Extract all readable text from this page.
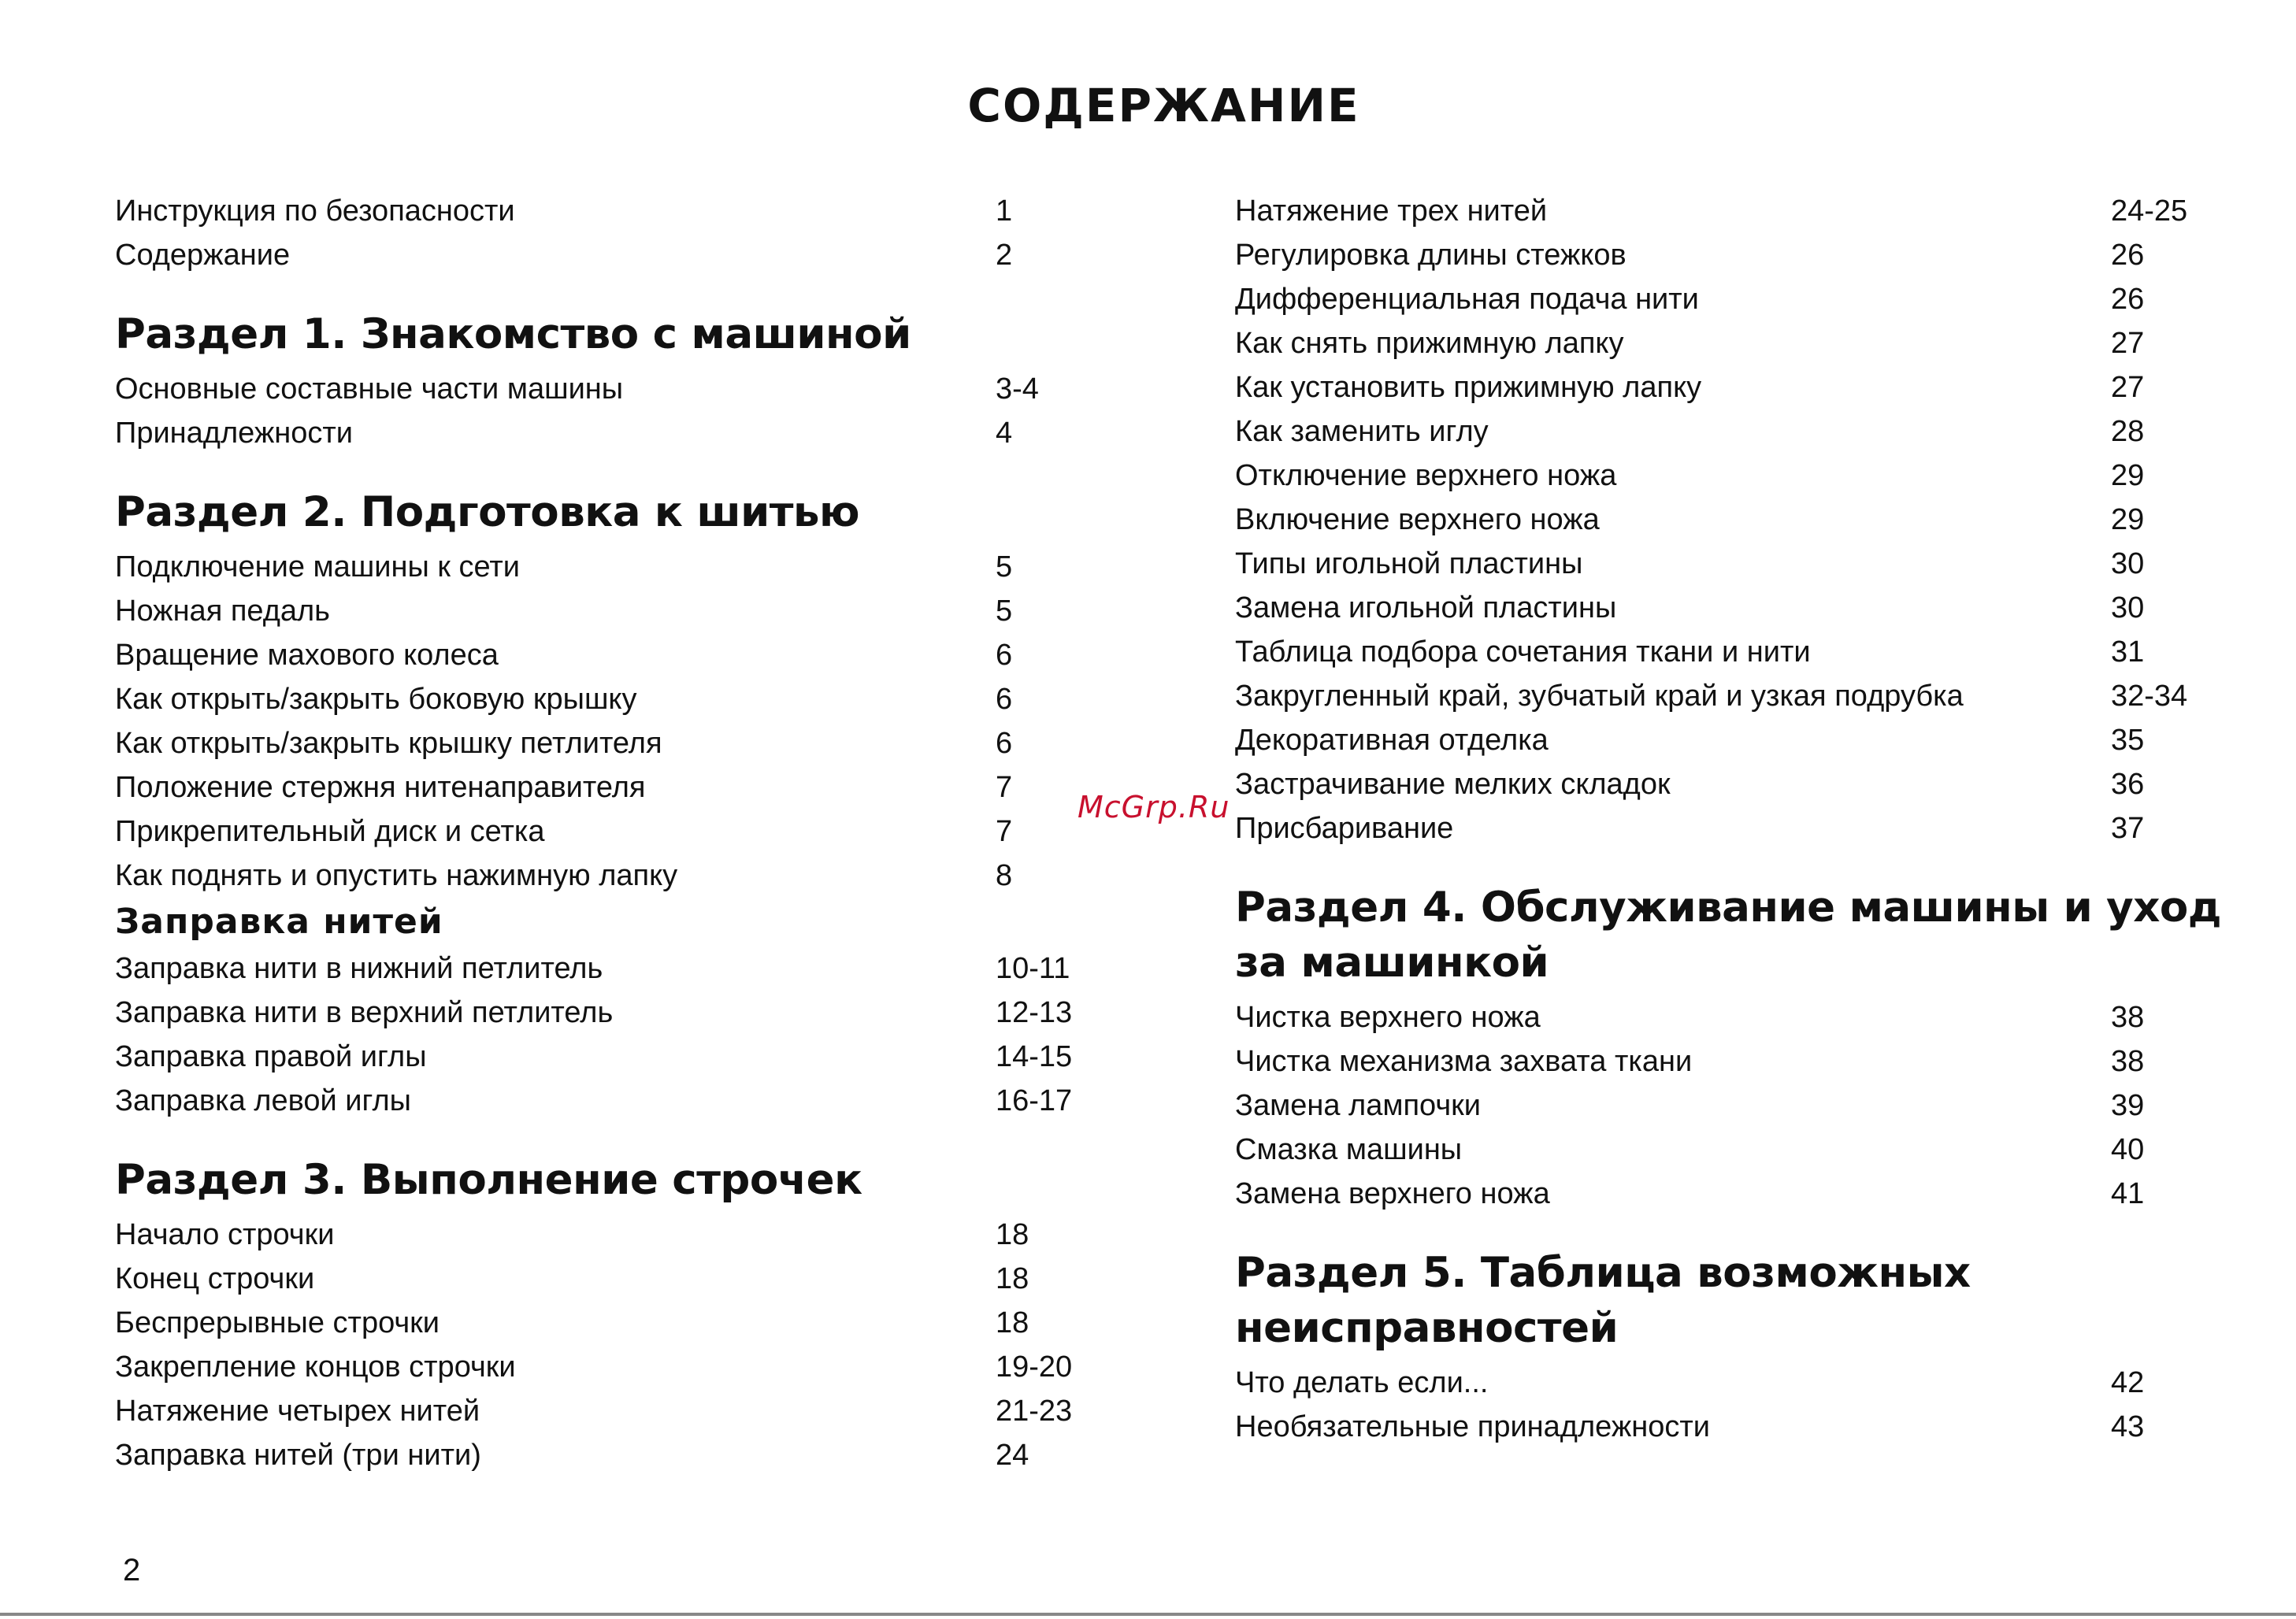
СОДЕРЖАНИЕ
Инструкция по безопасности	1
Содержание	2
Раздел 1. Знакомство с машиной
Основные составные части машины	3-4
Принадлежности	4
Раздел 2. Подготовка к шитью
Подключение машины к сети	5
Ножная педаль	5
Вращение махового колеса	6
Как открыть/закрыть боковую крышку	6
Как открыть/закрыть крышку петлителя	6
Положение стержня нитенаправителя	7
Прикрепительный диск и сетка	7
Как поднять и опустить нажимную лапку	8
Заправка нитей
Заправка нити в нижний петлитель	10-11
Заправка нити в верхний петлитель	12-13
Заправка правой иглы	14-15
Заправка левой иглы	16-17
Раздел 3. Выполнение строчек
Начало строчки	18
Конец строчки	18
Беспрерывные строчки	18
Закрепление концов строчки	19-20
Натяжение четырех нитей	21-23
Заправка нитей (три нити)	24
Натяжение трех нитей	24-25
Регулировка длины стежков	26
Дифференциальная подача нити	26
Как снять прижимную лапку	27
Как установить прижимную лапку	27
Как заменить иглу	28
Отключение верхнего ножа	29
Включение верхнего ножа	29
Типы игольной пластины	30
Замена игольной пластины	30
Таблица подбора сочетания ткани и нити	31
Закругленный край, зубчатый край и узкая подрубка	32-34
Декоративная отделка	35
Застрачивание мелких складок	36
Присбаривание	37
Раздел 4. Обслуживание машины и уход
за машинкой
Чистка верхнего ножа	38
Чистка механизма захвата ткани	38
Замена лампочки	39
Смазка машины	40
Замена верхнего ножа	41
Раздел 5. Таблица возможных
неисправностей
Что делать если...	42
Необязательные принадлежности	43
McGrp.Ru
2
